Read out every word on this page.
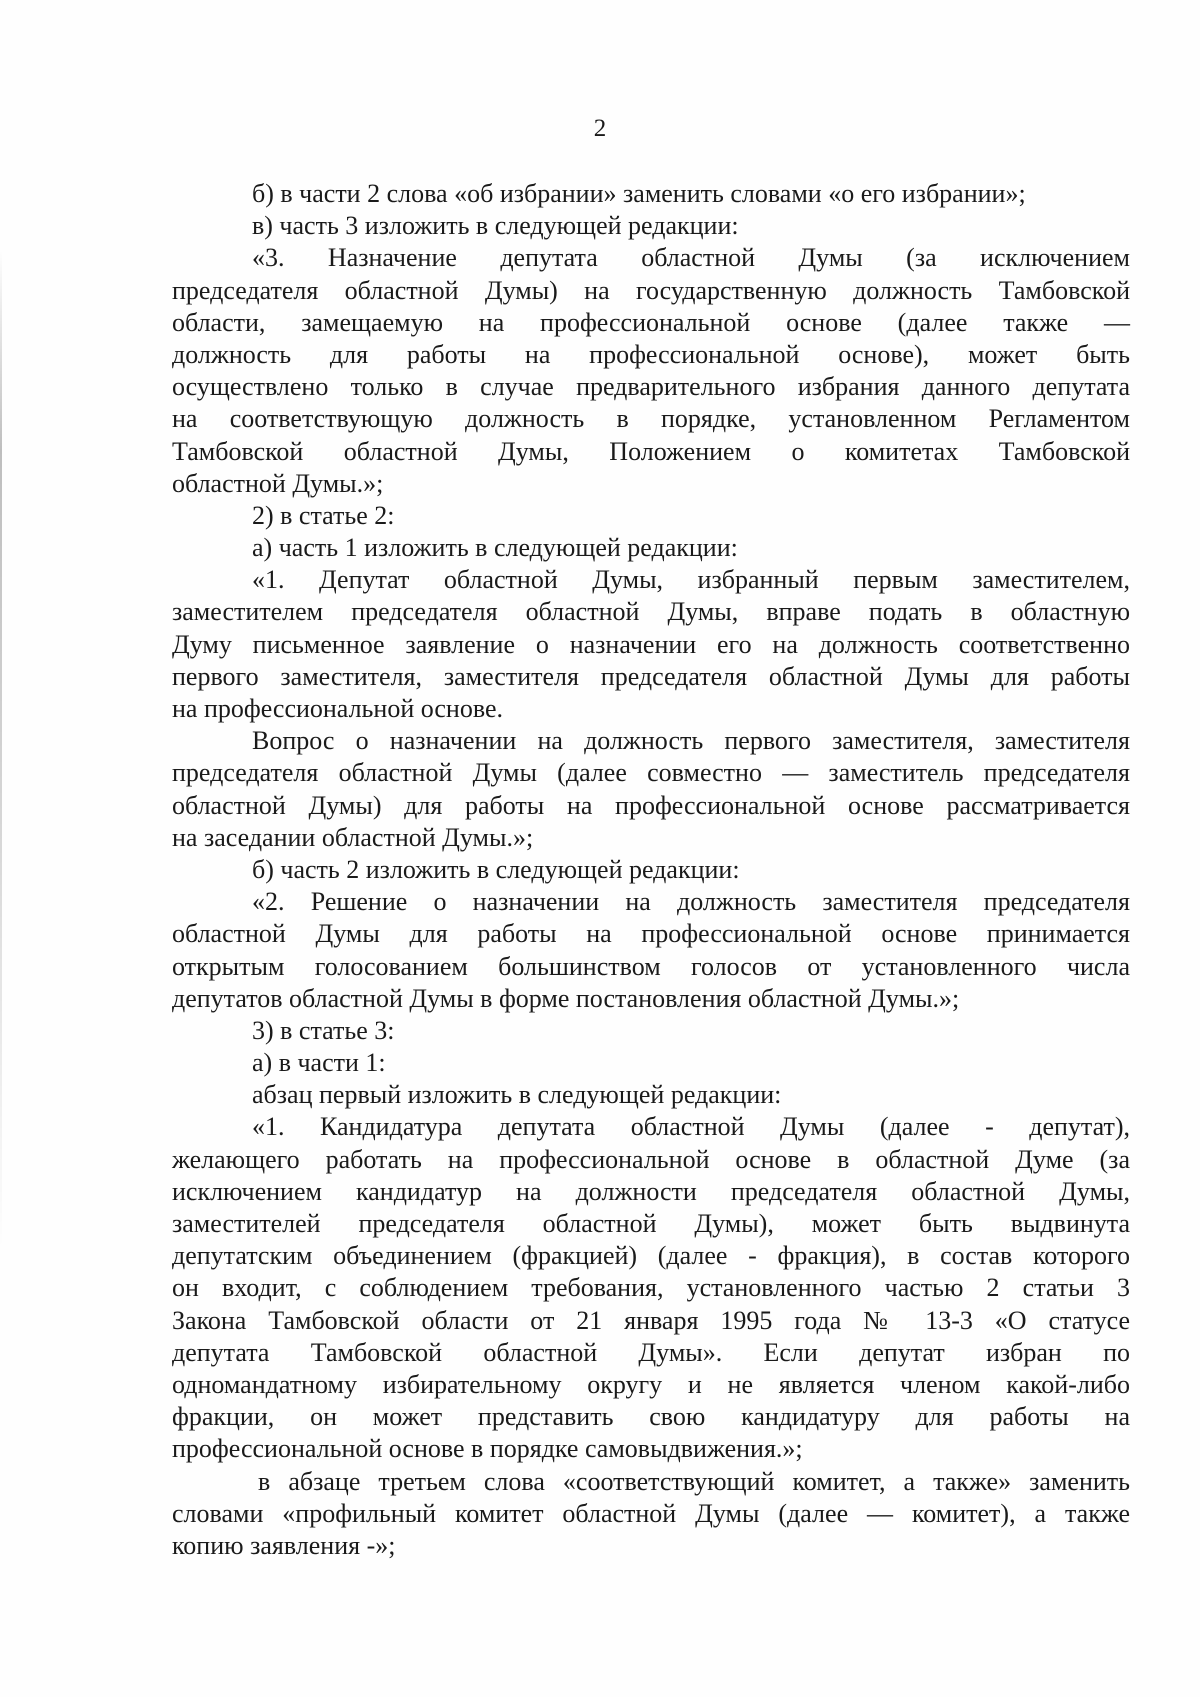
2
б) в части 2 слова «об избрании» заменить словами «о его избрании»;
в) часть 3 изложить в следующей редакции:
«3. Назначение депутата областной Думы (за исключением
председателя областной Думы) на государственную должность Тамбовской
области, замещаемую на профессиональной основе (далее также —
должность для работы на профессиональной основе), может быть
осуществлено только в случае предварительного избрания данного депутата
на соответствующую должность в порядке, установленном Регламентом
Тамбовской областной Думы, Положением о комитетах Тамбовской
областной Думы.»;
2) в статье 2:
а) часть 1 изложить в следующей редакции:
«1. Депутат областной Думы, избранный первым заместителем,
заместителем председателя областной Думы, вправе подать в областную
Думу письменное заявление о назначении его на должность соответственно
первого заместителя, заместителя председателя областной Думы для работы
на профессиональной основе.
Вопрос о назначении на должность первого заместителя, заместителя
председателя областной Думы (далее совместно — заместитель председателя
областной Думы) для работы на профессиональной основе рассматривается
на заседании областной Думы.»;
б) часть 2 изложить в следующей редакции:
«2. Решение о назначении на должность заместителя председателя
областной Думы для работы на профессиональной основе принимается
открытым голосованием большинством голосов от установленного числа
депутатов областной Думы в форме постановления областной Думы.»;
3) в статье 3:
а) в части 1:
абзац первый изложить в следующей редакции:
«1. Кандидатура депутата областной Думы (далее - депутат),
желающего работать на профессиональной основе в областной Думе (за
исключением кандидатур на должности председателя областной Думы,
заместителей председателя областной Думы), может быть выдвинута
депутатским объединением (фракцией) (далее - фракция), в состав которого
он входит, с соблюдением требования, установленного частью 2 статьи 3
Закона Тамбовской области от 21 января 1995 года № 13-3 «О статусе
депутата Тамбовской областной Думы». Если депутат избран по
одномандатному избирательному округу и не является членом какой-либо
фракции, он может представить свою кандидатуру для работы на
профессиональной основе в порядке самовыдвижения.»;
в абзаце третьем слова «соответствующий комитет, а также» заменить
словами «профильный комитет областной Думы (далее — комитет), а также
копию заявления -»;
